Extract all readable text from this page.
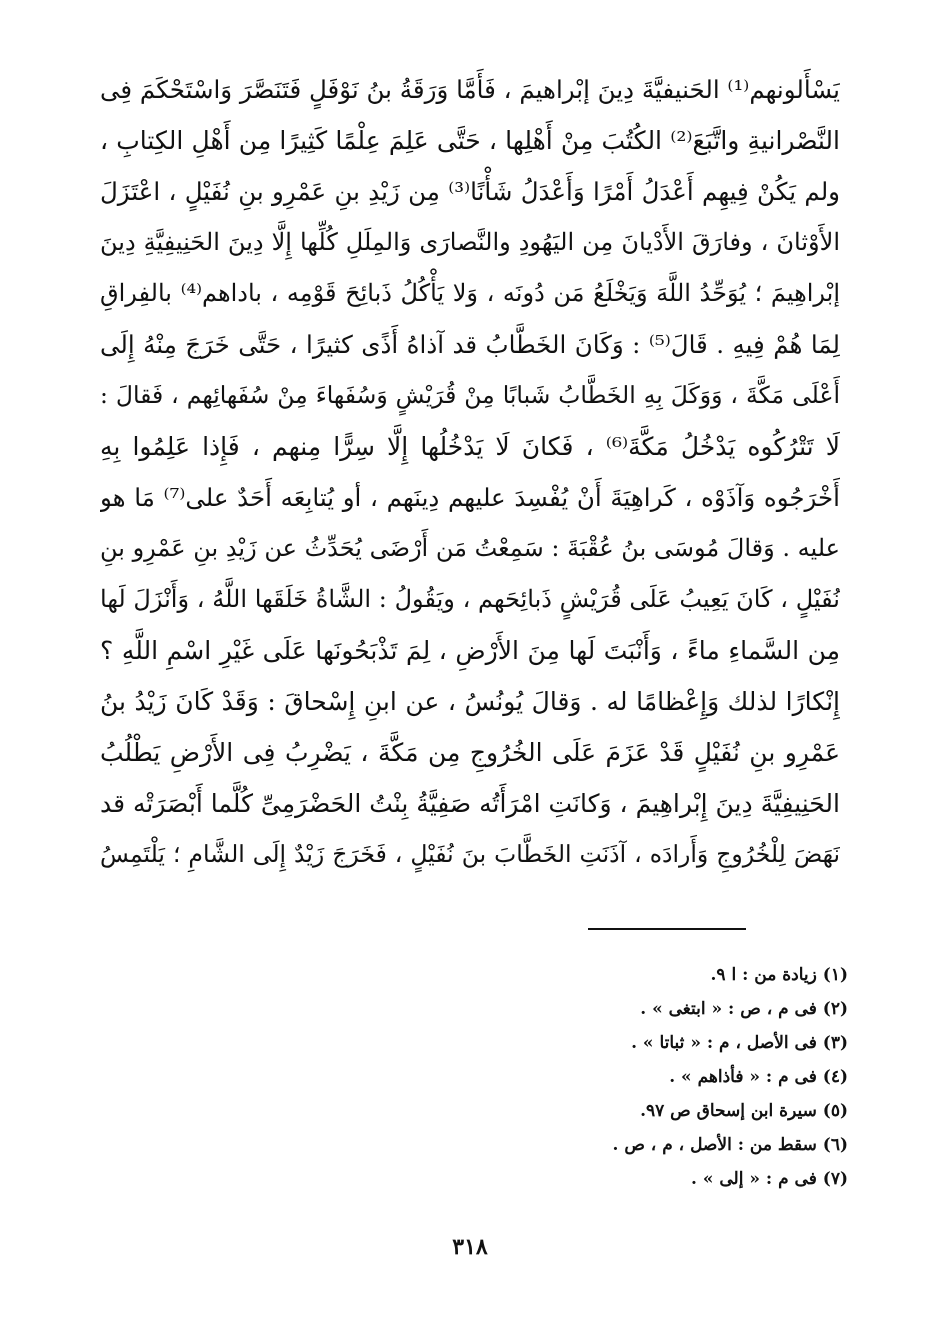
يَسْأَلونهم⁽¹⁾ الحَنيفيَّةَ دِينَ إبْراهيمَ ، فَأَمَّا وَرَقَةُ بنُ نَوْفَلٍ فَتَنَصَّرَ وَاسْتَحْكَمَ فِى
النَّصْرانيةِ واتَّبَعَ⁽²⁾ الكُتُبَ مِنْ أَهْلِها ، حَتَّى عَلِمَ عِلْمًا كَثِيرًا مِن أَهْلِ الكِتابِ ،
ولم يَكُنْ فِيهِم أَعْدَلُ أَمْرًا وَأَعْدَلُ شَأْنًا⁽³⁾ مِن زَيْدِ بنِ عَمْرِو بنِ نُفَيْلٍ ، اعْتَزَلَ
الأَوْثانَ ، وفارَقَ الأَدْيانَ مِن اليَهُودِ والنَّصارَى وَالمِلَلِ كُلِّها إِلَّا دِينَ الحَنِيفِيَّةِ دِينَ
إبْراهِيمَ ؛ يُوَحِّدُ اللَّهَ وَيَخْلَعُ مَن دُونَه ، وَلا يَأْكُلُ ذَبائِحَ قَوْمِه ، باداهم⁽⁴⁾ بالفِراقِ
لِمَا هُمْ فِيهِ . قَالَ⁽⁵⁾ : وَكَانَ الخَطَّابُ قد آذاهُ أَذًى كثيرًا ، حَتَّى خَرَجَ مِنْهُ إِلَى
أَعْلَى مَكَّةَ ، وَوَكَلَ بِهِ الخَطَّابُ شَبابًا مِنْ قُرَيْشٍ وَسُفَهاءَ مِنْ سُفَهائِهم ، فَقالَ :
لَا تَتْرُكُوه يَدْخُلُ مَكَّةَ⁽⁶⁾ ، فَكانَ لَا يَدْخُلُها إِلَّا سِرًّا مِنهم ، فَإِذا عَلِمُوا بِهِ
أَخْرَجُوه وَآذَوْه ، كَراهِيَةَ أَنْ يُفْسِدَ عليهم دِينَهم ، أو يُتابِعَه أَحَدٌ على⁽⁷⁾ مَا هو
عليه . وَقالَ مُوسَى بنُ عُقْبَةَ : سَمِعْتُ مَن أَرْضَى يُحَدِّثُ عن زَيْدِ بنِ عَمْرِو بنِ
نُفَيْلٍ ، كَانَ يَعِيبُ عَلَى قُرَيْشٍ ذَبائِحَهم ، ويَقُولُ : الشَّاةُ خَلَقَها اللَّهُ ، وَأَنْزَلَ لَها
مِن السَّماءِ ماءً ، وَأَنْبَتَ لَها مِنَ الأَرْضِ ، لِمَ تَذْبَحُونَها عَلَى غَيْرِ اسْمِ اللَّهِ ؟
إِنْكارًا لذلك وَإِعْظامًا له . وَقالَ يُونُسُ ، عن ابنِ إِسْحاقَ : وَقَدْ كَانَ زَيْدُ بنُ
عَمْرِو بنِ نُفَيْلٍ قَدْ عَزَمَ عَلَى الخُرُوجِ مِن مَكَّةَ ، يَضْرِبُ فِى الأَرْضِ يَطْلُبُ
الحَنِيفِيَّةَ دِينَ إِبْراهِيمَ ، وَكانَتِ امْرَأَتُه صَفِيَّةُ بِنْتُ الحَضْرَمِىِّ كُلَّما أَبْصَرَتْه قد
نَهَضَ لِلْخُرُوجِ وَأَرادَه ، آذَنَتِ الخَطَّابَ بنَ نُفَيْلٍ ، فَخَرَجَ زَيْدٌ إِلَى الشَّامِ ؛ يَلْتَمِسُ
(١) زيادة من : ا ٩.
(٢) فى م ، ص : « ابتغى » .
(٣) فى الأصل ، م : « ثباتا » .
(٤) فى م : « فأذاهم » .
(٥) سيرة ابن إسحاق ص ٩٧.
(٦) سقط من : الأصل ، م ، ص .
(٧) فى م : « إلى » .
٣١٨
